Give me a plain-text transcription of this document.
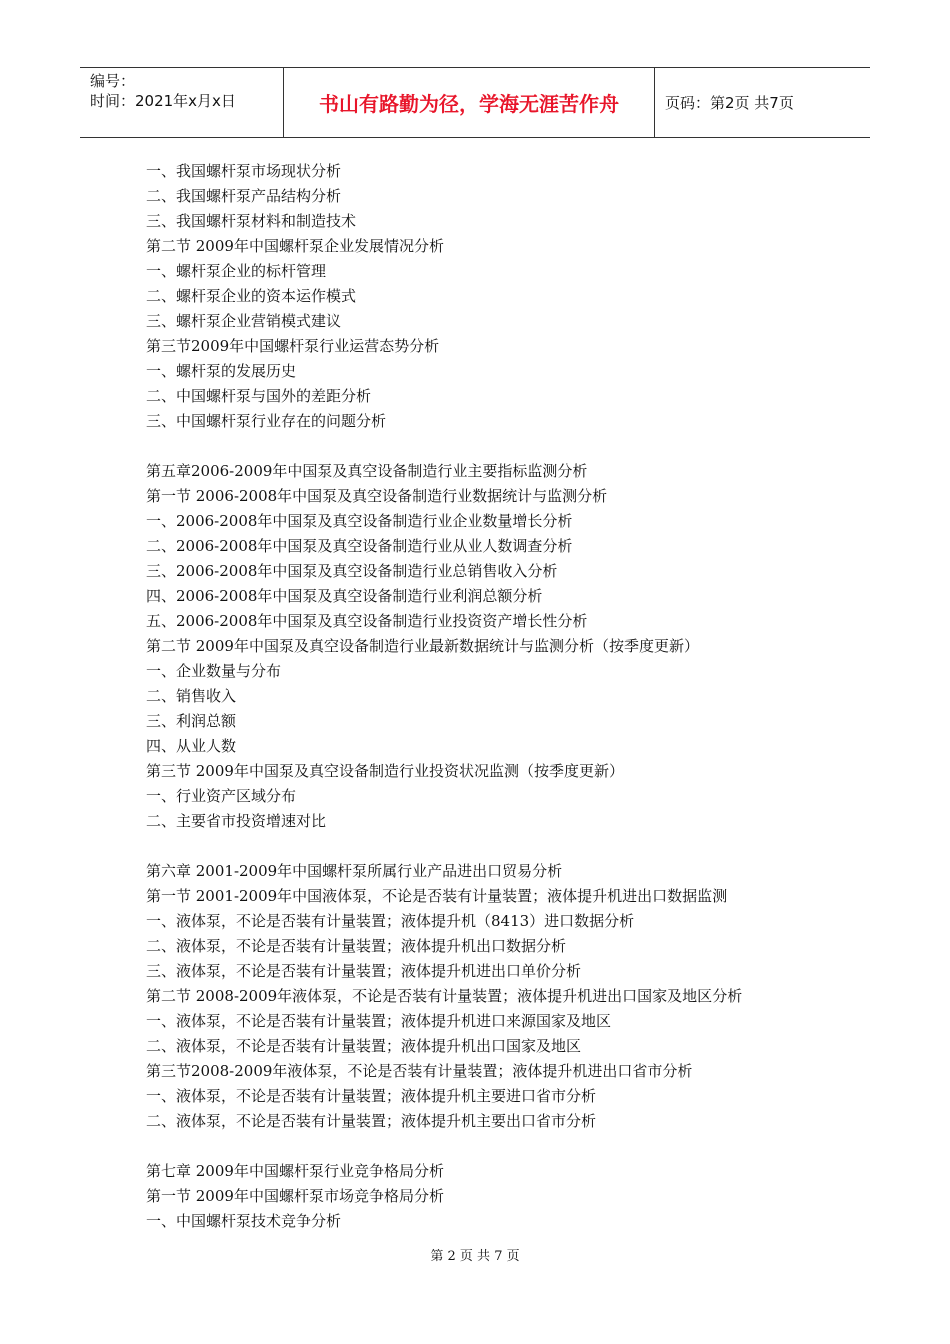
编号：
时间：2021年x月x日	书山有路勤为径，学海无涯苦作舟	页码：第2页 共7页
一、我国螺杆泵市场现状分析
二、我国螺杆泵产品结构分析
三、我国螺杆泵材料和制造技术
第二节 2009年中国螺杆泵企业发展情况分析
一、螺杆泵企业的标杆管理
二、螺杆泵企业的资本运作模式
三、螺杆泵企业营销模式建议
第三节2009年中国螺杆泵行业运营态势分析
一、螺杆泵的发展历史
二、中国螺杆泵与国外的差距分析
三、中国螺杆泵行业存在的问题分析
第五章2006-2009年中国泵及真空设备制造行业主要指标监测分析
第一节 2006-2008年中国泵及真空设备制造行业数据统计与监测分析
一、2006-2008年中国泵及真空设备制造行业企业数量增长分析
二、2006-2008年中国泵及真空设备制造行业从业人数调查分析
三、2006-2008年中国泵及真空设备制造行业总销售收入分析
四、2006-2008年中国泵及真空设备制造行业利润总额分析
五、2006-2008年中国泵及真空设备制造行业投资资产增长性分析
第二节 2009年中国泵及真空设备制造行业最新数据统计与监测分析（按季度更新）
一、企业数量与分布
二、销售收入
三、利润总额
四、从业人数
第三节 2009年中国泵及真空设备制造行业投资状况监测（按季度更新）
一、行业资产区域分布
二、主要省市投资增速对比
第六章 2001-2009年中国螺杆泵所属行业产品进出口贸易分析
第一节 2001-2009年中国液体泵，不论是否装有计量装置；液体提升机进出口数据监测
一、液体泵，不论是否装有计量装置；液体提升机（8413）进口数据分析
二、液体泵，不论是否装有计量装置；液体提升机出口数据分析
三、液体泵，不论是否装有计量装置；液体提升机进出口单价分析
第二节 2008-2009年液体泵，不论是否装有计量装置；液体提升机进出口国家及地区分析
一、液体泵，不论是否装有计量装置；液体提升机进口来源国家及地区
二、液体泵，不论是否装有计量装置；液体提升机出口国家及地区
第三节2008-2009年液体泵，不论是否装有计量装置；液体提升机进出口省市分析
一、液体泵，不论是否装有计量装置；液体提升机主要进口省市分析
二、液体泵，不论是否装有计量装置；液体提升机主要出口省市分析
第七章 2009年中国螺杆泵行业竞争格局分析
第一节 2009年中国螺杆泵市场竞争格局分析
一、中国螺杆泵技术竞争分析
第 2 页 共 7 页
